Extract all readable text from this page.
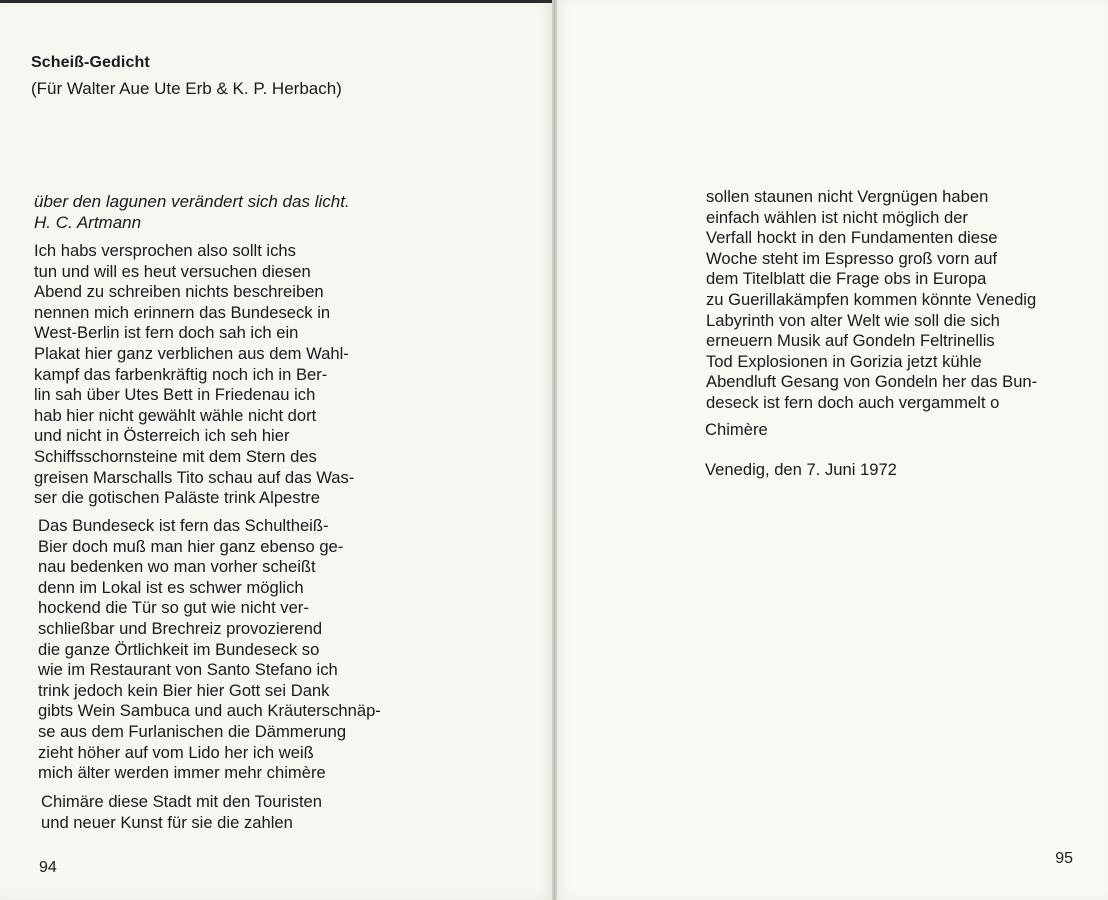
Scheiß-Gedicht
(Für Walter Aue Ute Erb & K. P. Herbach)
über den lagunen verändert sich das licht.
H. C. Artmann
Ich habs versprochen also sollt ichs
tun und will es heut versuchen diesen
Abend zu schreiben nichts beschreiben
nennen mich erinnern das Bundeseck in
West-Berlin ist fern doch sah ich ein
Plakat hier ganz verblichen aus dem Wahl-
kampf das farbenkräftig noch ich in Ber-
lin sah über Utes Bett in Friedenau ich
hab hier nicht gewählt wähle nicht dort
und nicht in Österreich ich seh hier
Schiffsschornsteine mit dem Stern des
greisen Marschalls Tito schau auf das Was-
ser die gotischen Paläste trink Alpestre
Das Bundeseck ist fern das Schultheiß-
Bier doch muß man hier ganz ebenso ge-
nau bedenken wo man vorher scheißt
denn im Lokal ist es schwer möglich
hockend die Tür so gut wie nicht ver-
schließbar und Brechreiz provozierend
die ganze Örtlichkeit im Bundeseck so
wie im Restaurant von Santo Stefano ich
trink jedoch kein Bier hier Gott sei Dank
gibts Wein Sambuca und auch Kräuterschnäp-
se aus dem Furlanischen die Dämmerung
zieht höher auf vom Lido her ich weiß
mich älter werden immer mehr chimère
Chimäre diese Stadt mit den Touristen
und neuer Kunst für sie die zahlen
94
sollen staunen nicht Vergnügen haben
einfach wählen ist nicht möglich der
Verfall hockt in den Fundamenten diese
Woche steht im Espresso groß vorn auf
dem Titelblatt die Frage obs in Europa
zu Guerillakämpfen kommen könnte Venedig
Labyrinth von alter Welt wie soll die sich
erneuern Musik auf Gondeln Feltrinellis
Tod Explosionen in Gorizia jetzt kühle
Abendluft Gesang von Gondeln her das Bun-
deseck ist fern doch auch vergammelt o
Chimère
Venedig, den 7. Juni 1972
95
